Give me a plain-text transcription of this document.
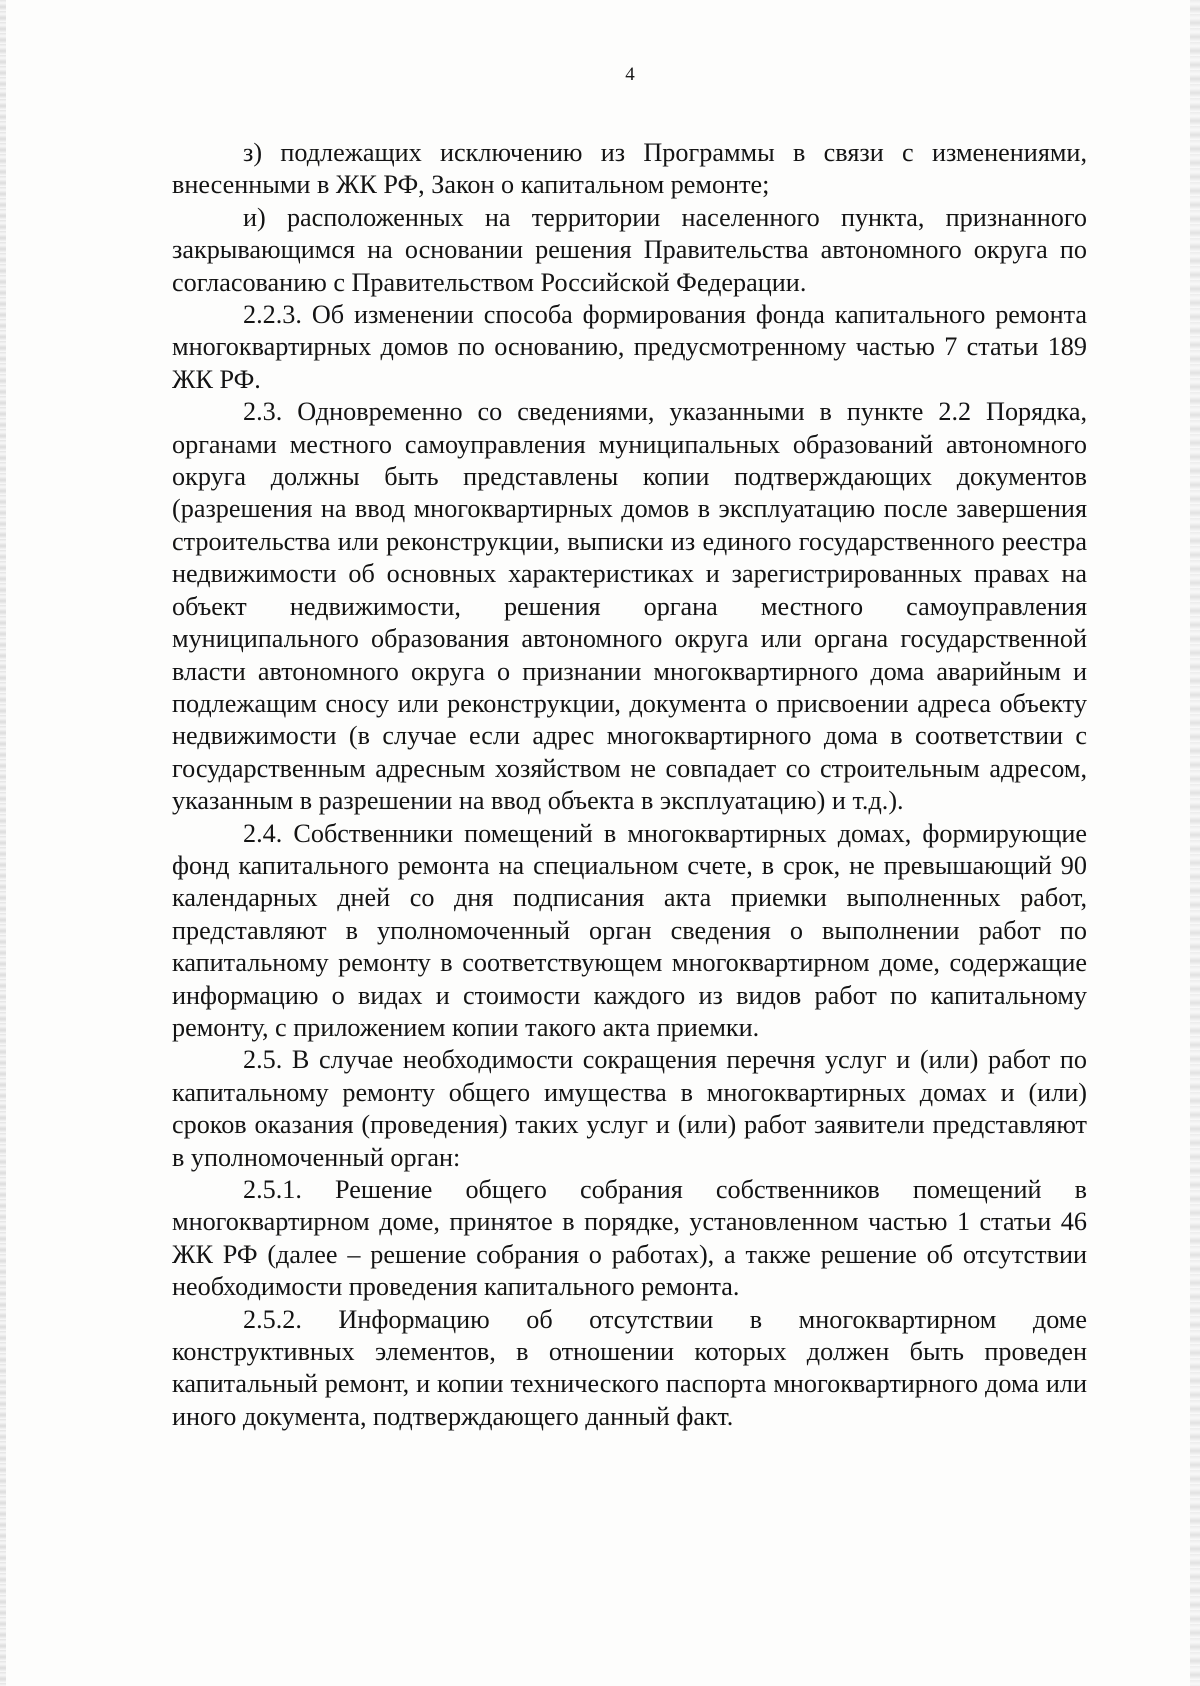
4

з) подлежащих исключению из Программы в связи с изменениями, внесенными в ЖК РФ, Закон о капитальном ремонте;

и) расположенных на территории населенного пункта, признанного закрывающимся на основании решения Правительства автономного округа по согласованию с Правительством Российской Федерации.

2.2.3. Об изменении способа формирования фонда капитального ремонта многоквартирных домов по основанию, предусмотренному частью 7 статьи 189 ЖК РФ.

2.3. Одновременно со сведениями, указанными в пункте 2.2 Порядка, органами местного самоуправления муниципальных образований автономного округа должны быть представлены копии подтверждающих документов (разрешения на ввод многоквартирных домов в эксплуатацию после завершения строительства или реконструкции, выписки из единого государственного реестра недвижимости об основных характеристиках и зарегистрированных правах на объект недвижимости, решения органа местного самоуправления муниципального образования автономного округа или органа государственной власти автономного округа о признании многоквартирного дома аварийным и подлежащим сносу или реконструкции, документа о присвоении адреса объекту недвижимости (в случае если адрес многоквартирного дома в соответствии с государственным адресным хозяйством не совпадает со строительным адресом, указанным в разрешении на ввод объекта в эксплуатацию) и т.д.).

2.4. Собственники помещений в многоквартирных домах, формирующие фонд капитального ремонта на специальном счете, в срок, не превышающий 90 календарных дней со дня подписания акта приемки выполненных работ, представляют в уполномоченный орган сведения о выполнении работ по капитальному ремонту в соответствующем многоквартирном доме, содержащие информацию о видах и стоимости каждого из видов работ по капитальному ремонту, с приложением копии такого акта приемки.

2.5. В случае необходимости сокращения перечня услуг и (или) работ по капитальному ремонту общего имущества в многоквартирных домах и (или) сроков оказания (проведения) таких услуг и (или) работ заявители представляют в уполномоченный орган:

2.5.1. Решение общего собрания собственников помещений в многоквартирном доме, принятое в порядке, установленном частью 1 статьи 46 ЖК РФ (далее – решение собрания о работах), а также решение об отсутствии необходимости проведения капитального ремонта.

2.5.2. Информацию об отсутствии в многоквартирном доме конструктивных элементов, в отношении которых должен быть проведен капитальный ремонт, и копии технического паспорта многоквартирного дома или иного документа, подтверждающего данный факт.
